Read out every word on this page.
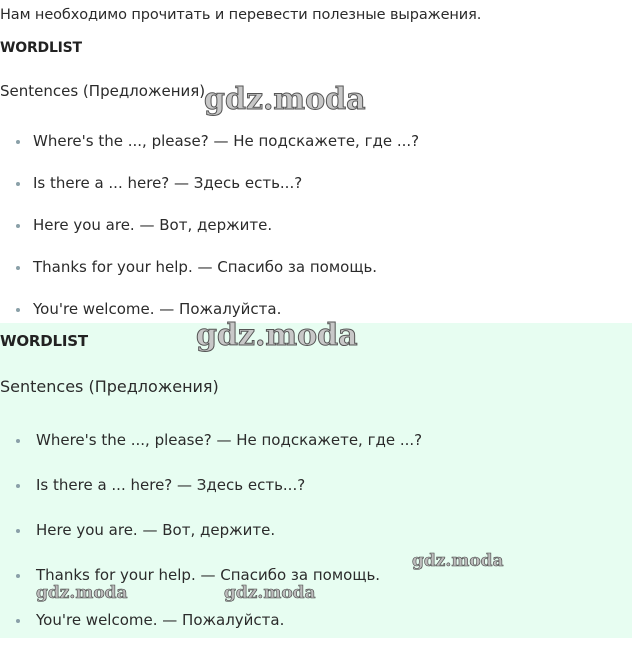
Нам необходимо прочитать и перевести полезные выражения.
WORDLIST
Sentences (Предложения)
Where's the ..., please? — Не подскажете, где ...?
Is there a ... here? — Здесь есть...?
Here you are. — Вот, держите.
Thanks for your help. — Спасибо за помощь.
You're welcome. — Пожалуйста.
WORDLIST
Sentences (Предложения)
Where's the ..., please? — Не подскажете, где ...?
Is there a ... here? — Здесь есть...?
Here you are. — Вот, держите.
Thanks for your help. — Спасибо за помощь.
You're welcome. — Пожалуйста.
gdz.moda
gdz.moda
gdz.moda
gdz.moda	gdz.moda
